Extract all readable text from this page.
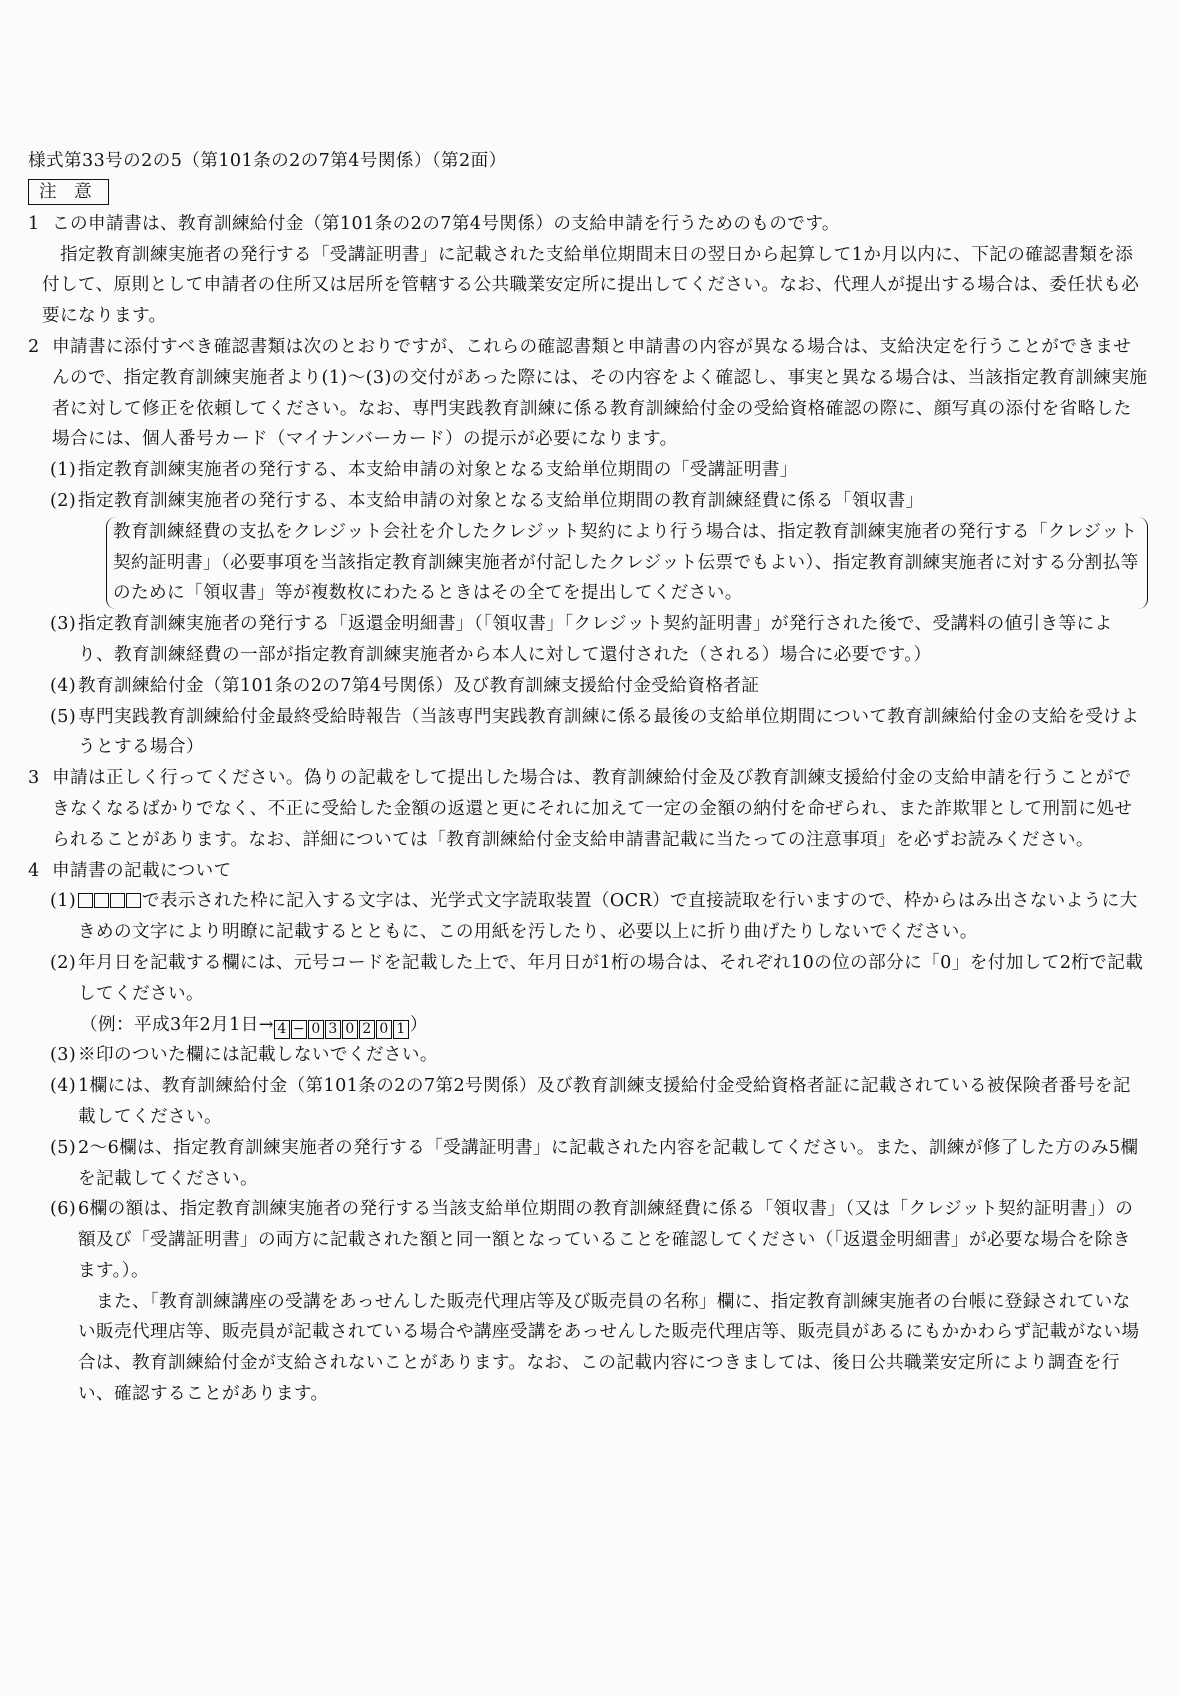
様式第33号の2の5（第101条の2の7第4号関係）（第2面）

注 意
1 この申請書は、教育訓練給付金（第101条の2の7第4号関係）の支給申請を行うためのものです。

指定教育訓練実施者の発行する「受講証明書」に記載された支給単位期間末日の翌日から起算して1か月以内に、下記の確認書類を添付して、原則として申請者の住所又は居所を管轄する公共職業安定所に提出してください。なお、代理人が提出する場合は、委任状も必要になります。

2 申請書に添付すべき確認書類は次のとおりですが、これらの確認書類と申請書の内容が異なる場合は、支給決定を行うことができませんので、指定教育訓練実施者より(1)～(3)の交付があった際には、その内容をよく確認し、事実と異なる場合は、当該指定教育訓練実施者に対して修正を依頼してください。なお、専門実践教育訓練に係る教育訓練給付金の受給資格確認の際に、顔写真の添付を省略した場合には、個人番号カード（マイナンバーカード）の提示が必要になります。
(1) 指定教育訓練実施者の発行する、本支給申請の対象となる支給単位期間の「受講証明書」
(2) 指定教育訓練実施者の発行する、本支給申請の対象となる支給単位期間の教育訓練経費に係る「領収書」

教育訓練経費の支払をクレジット会社を介したクレジット契約により行う場合は、指定教育訓練実施者の発行する「クレジット契約証明書」（必要事項を当該指定教育訓練実施者が付記したクレジット伝票でもよい）、指定教育訓練実施者に対する分割払等のために「領収書」等が複数枚にわたるときはその全てを提出してください。

(3) 指定教育訓練実施者の発行する「返還金明細書」（「領収書」「クレジット契約証明書」が発行された後で、受講料の値引き等により、教育訓練経費の一部が指定教育訓練実施者から本人に対して還付された（される）場合に必要です。）
(4) 教育訓練給付金（第101条の2の7第4号関係）及び教育訓練支援給付金受給資格者証
(5) 専門実践教育訓練給付金最終受給時報告（当該専門実践教育訓練に係る最後の支給単位期間について教育訓練給付金の支給を受けようとする場合）
3 申請は正しく行ってください。偽りの記載をして提出した場合は、教育訓練給付金及び教育訓練支援給付金の支給申請を行うことができなくなるばかりでなく、不正に受給した金額の返還と更にそれに加えて一定の金額の納付を命ぜられ、また詐欺罪として刑罰に処せられることがあります。なお、詳細については「教育訓練給付金支給申請書記載に当たっての注意事項」を必ずお読みください。
4 申請書の記載について
(1)	で表示された枠に記入する文字は、光学式文字読取装置（OCR）で直接読取を行いますので、枠からはみ出さないように大きめの文字により明瞭に記載するとともに、この用紙を汚したり、必要以上に折り曲げたりしないでください。
(2) 年月日を記載する欄には、元号コードを記載した上で、年月日が1桁の場合は、それぞれ10の位の部分に「0」を付加して2桁で記載してください。
（例：平成3年2月1日→ 4 − 0 3 0 2 0 1 ）
(3) ※印のついた欄には記載しないでください。
(4) 1欄には、教育訓練給付金（第101条の2の7第2号関係）及び教育訓練支援給付金受給資格者証に記載されている被保険者番号を記載してください。
(5) 2～6欄は、指定教育訓練実施者の発行する「受講証明書」に記載された内容を記載してください。また、訓練が修了した方のみ5欄を記載してください。
(6) 6欄の額は、指定教育訓練実施者の発行する当該支給単位期間の教育訓練経費に係る「領収書」（又は「クレジット契約証明書」）の額及び「受講証明書」の両方に記載された額と同一額となっていることを確認してください（「返還金明細書」が必要な場合を除きます。）。

また、「教育訓練講座の受講をあっせんした販売代理店等及び販売員の名称」欄に、指定教育訓練実施者の台帳に登録されていない販売代理店等、販売員が記載されている場合や講座受講をあっせんした販売代理店等、販売員があるにもかかわらず記載がない場合は、教育訓練給付金が支給されないことがあります。なお、この記載内容につきましては、後日公共職業安定所により調査を行い、確認することがあります。
